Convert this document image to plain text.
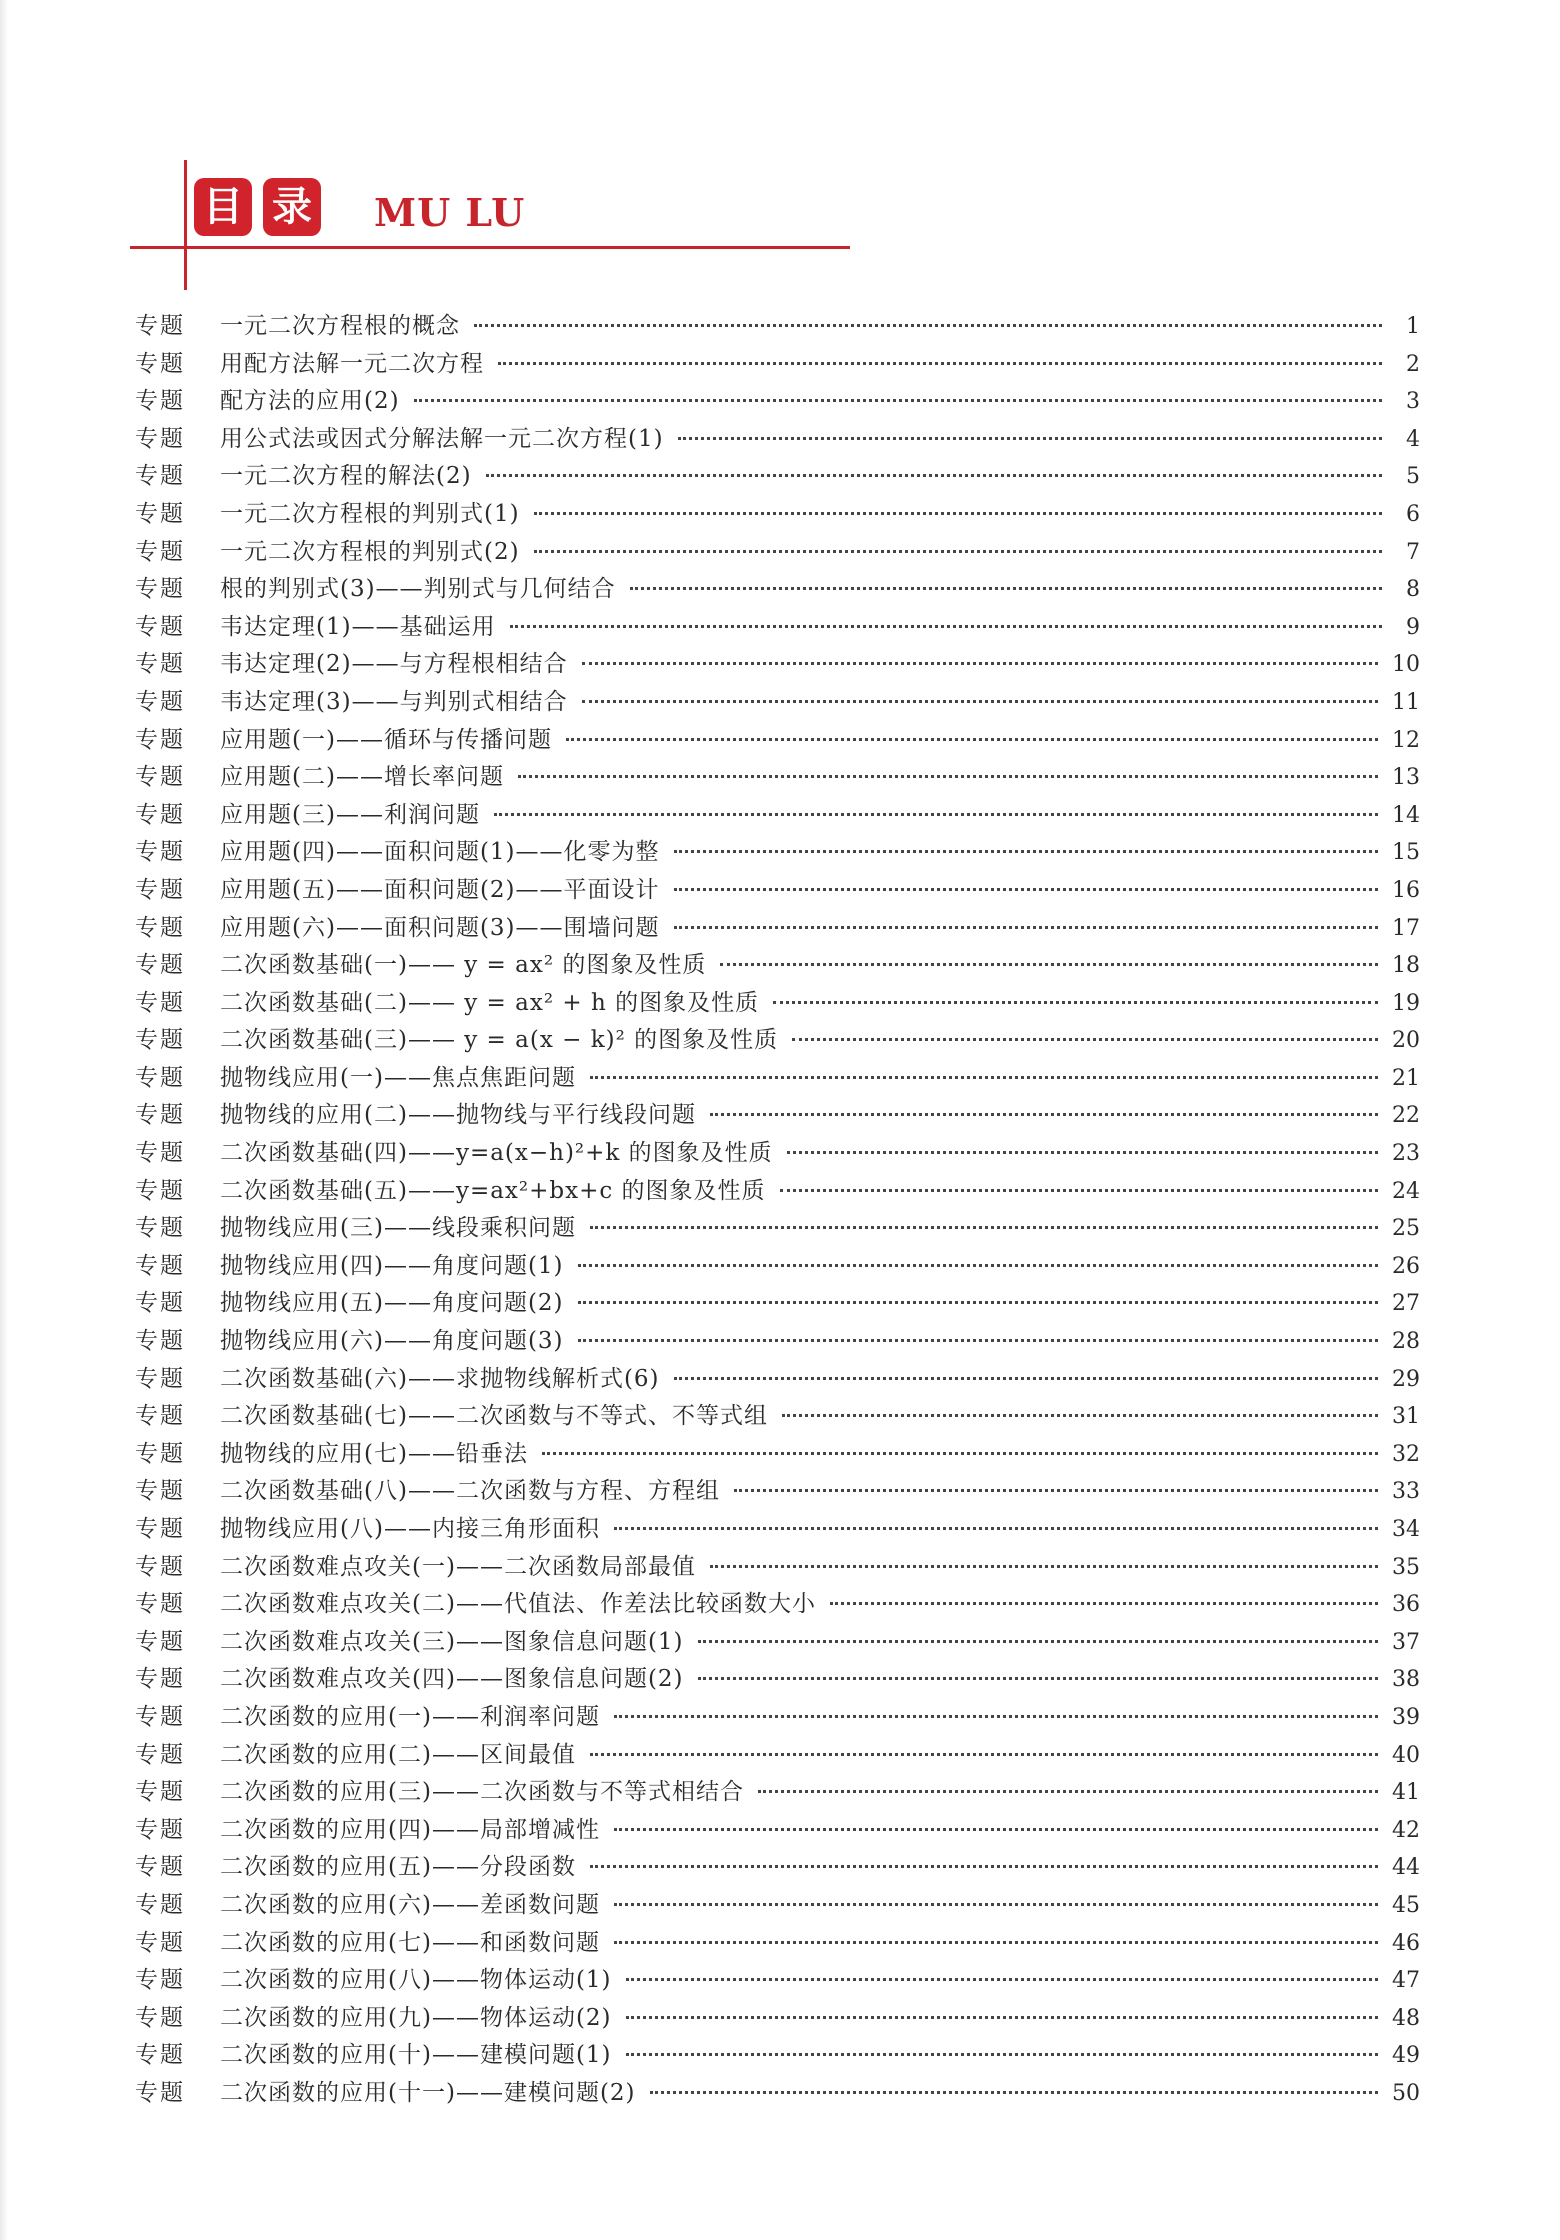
目 录 MU LU
专题	一元二次方程根的概念	1
专题	用配方法解一元二次方程	2
专题	配方法的应用(2)	3
专题	用公式法或因式分解法解一元二次方程(1)	4
专题	一元二次方程的解法(2)	5
专题	一元二次方程根的判别式(1)	6
专题	一元二次方程根的判别式(2)	7
专题	根的判别式(3)——判别式与几何结合	8
专题	韦达定理(1)——基础运用	9
专题	韦达定理(2)——与方程根相结合	10
专题	韦达定理(3)——与判别式相结合	11
专题	应用题(一)——循环与传播问题	12
专题	应用题(二)——增长率问题	13
专题	应用题(三)——利润问题	14
专题	应用题(四)——面积问题(1)——化零为整	15
专题	应用题(五)——面积问题(2)——平面设计	16
专题	应用题(六)——面积问题(3)——围墙问题	17
专题	二次函数基础(一)—— y = ax² 的图象及性质	18
专题	二次函数基础(二)—— y = ax² + h 的图象及性质	19
专题	二次函数基础(三)—— y = a(x − k)² 的图象及性质	20
专题	抛物线应用(一)——焦点焦距问题	21
专题	抛物线的应用(二)——抛物线与平行线段问题	22
专题	二次函数基础(四)——y=a(x−h)²+k 的图象及性质	23
专题	二次函数基础(五)——y=ax²+bx+c 的图象及性质	24
专题	抛物线应用(三)——线段乘积问题	25
专题	抛物线应用(四)——角度问题(1)	26
专题	抛物线应用(五)——角度问题(2)	27
专题	抛物线应用(六)——角度问题(3)	28
专题	二次函数基础(六)——求抛物线解析式(6)	29
专题	二次函数基础(七)——二次函数与不等式、不等式组	31
专题	抛物线的应用(七)——铅垂法	32
专题	二次函数基础(八)——二次函数与方程、方程组	33
专题	抛物线应用(八)——内接三角形面积	34
专题	二次函数难点攻关(一)——二次函数局部最值	35
专题	二次函数难点攻关(二)——代值法、作差法比较函数大小	36
专题	二次函数难点攻关(三)——图象信息问题(1)	37
专题	二次函数难点攻关(四)——图象信息问题(2)	38
专题	二次函数的应用(一)——利润率问题	39
专题	二次函数的应用(二)——区间最值	40
专题	二次函数的应用(三)——二次函数与不等式相结合	41
专题	二次函数的应用(四)——局部增减性	42
专题	二次函数的应用(五)——分段函数	44
专题	二次函数的应用(六)——差函数问题	45
专题	二次函数的应用(七)——和函数问题	46
专题	二次函数的应用(八)——物体运动(1)	47
专题	二次函数的应用(九)——物体运动(2)	48
专题	二次函数的应用(十)——建模问题(1)	49
专题	二次函数的应用(十一)——建模问题(2)	50
